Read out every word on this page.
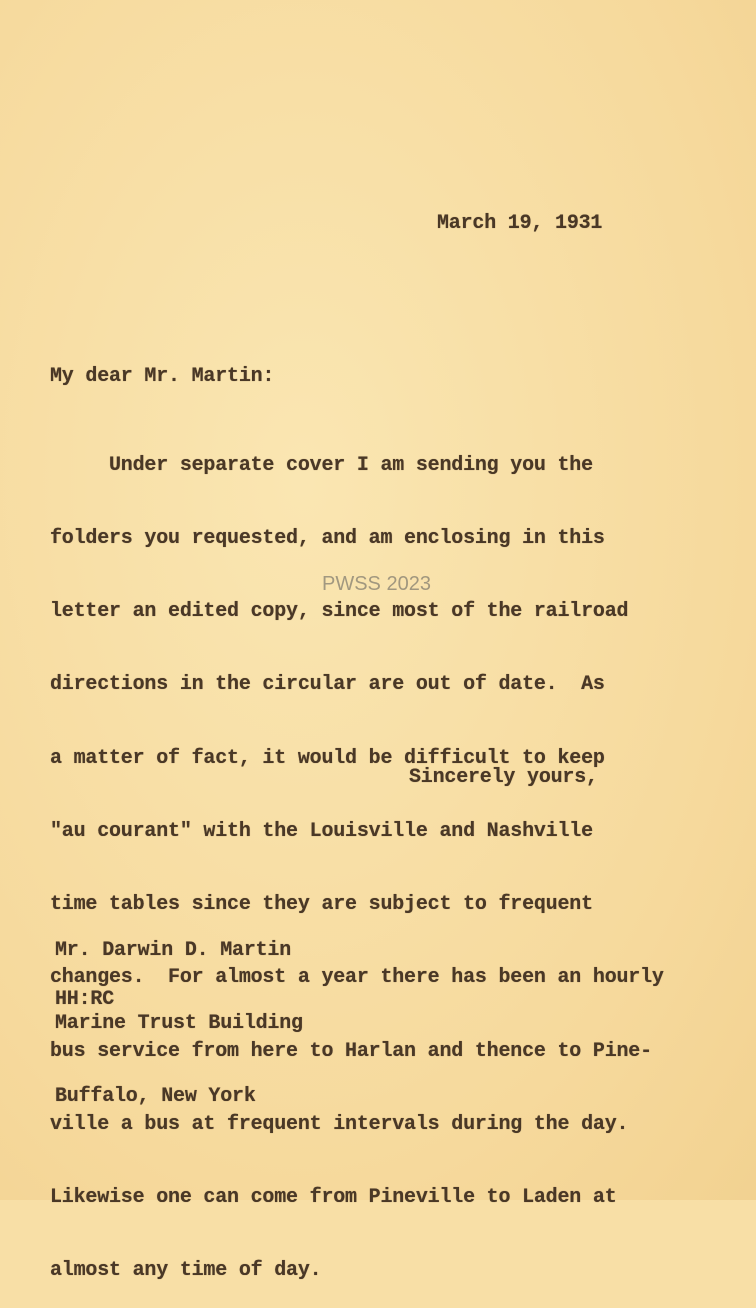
March 19, 1931
My dear Mr. Martin:

Under separate cover I am sending you the

folders you requested, and am enclosing in this

letter an edited copy, since most of the railroad

directions in the circular are out of date.  As

a matter of fact, it would be difficult to keep

"au courant" with the Louisville and Nashville

time tables since they are subject to frequent

changes.  For almost a year there has been an hourly

bus service from here to Harlan and thence to Pine-

ville a bus at frequent intervals during the day.

Likewise one can come from Pineville to Laden at

almost any time of day.

PWSS 2023
Sincerely yours,

Mr. Darwin D. Martin

Marine Trust Building

Buffalo, New York

HH:RC
